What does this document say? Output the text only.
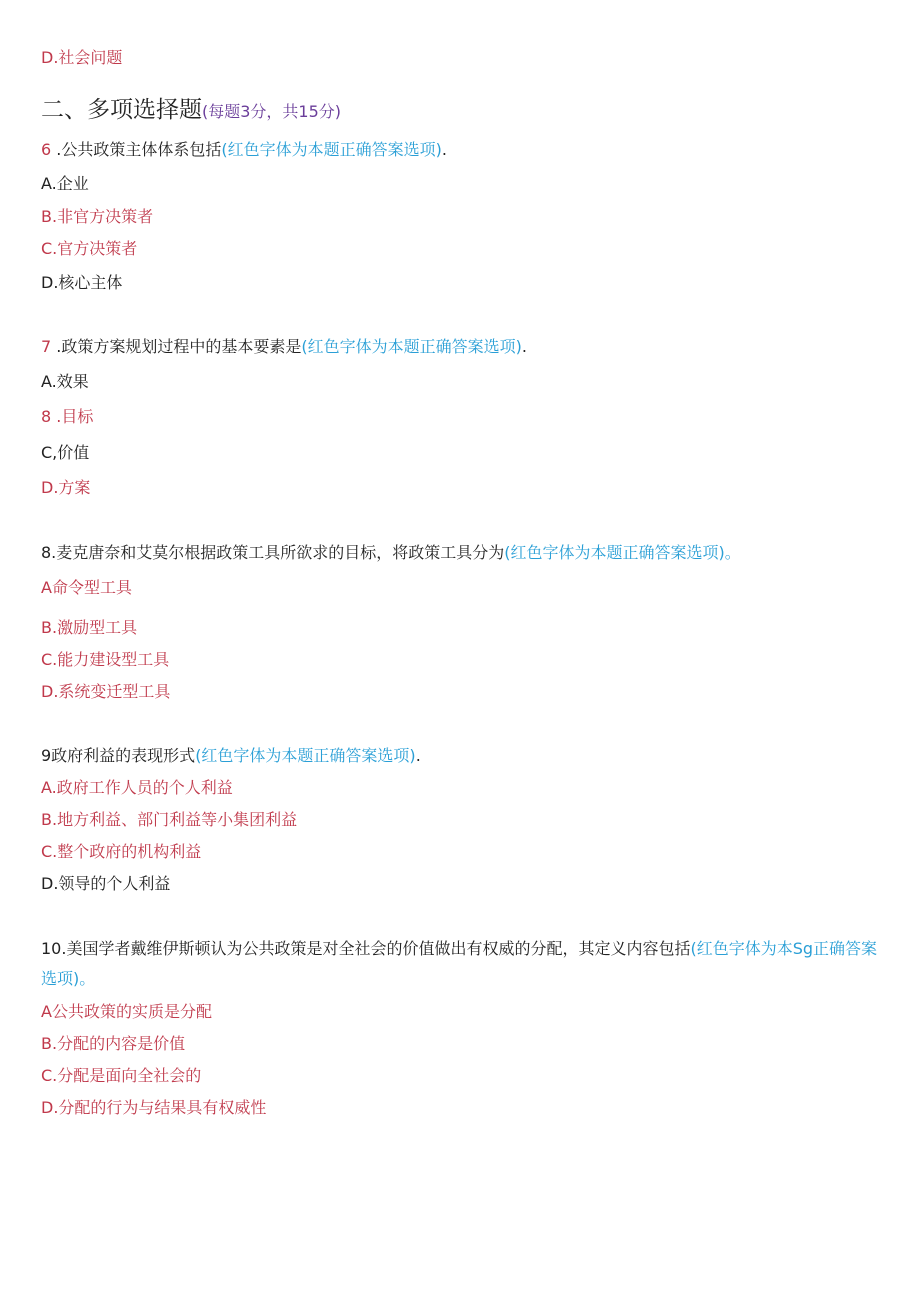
D.社会问题
二、多项选择题(每题3分，共15分)
6 .公共政策主体体系包括(红色字体为本题正确答案选项).
A.企业
B.非官方决策者
C.官方决策者
D.核心主体
7 .政策方案规划过程中的基本要素是(红色字体为本题正确答案选项).
A.效果
8 .目标
C,价值
D.方案
8.麦克唐奈和艾莫尔根据政策工具所欲求的目标，将政策工具分为(红色字体为本题正确答案选项)。
A命令型工具
B.激励型工具
C.能力建设型工具
D.系统变迁型工具
9政府利益的表现形式(红色字体为本题正确答案选项).
A.政府工作人员的个人利益
B.地方利益、部门利益等小集团利益
C.整个政府的机构利益
D.领导的个人利益
10.美国学者戴维伊斯顿认为公共政策是对全社会的价值做出有权威的分配，其定义内容包括(红色字体为本Sg正确答案选项)。
A公共政策的实质是分配
B.分配的内容是价值
C.分配是面向全社会的
D.分配的行为与结果具有权威性
